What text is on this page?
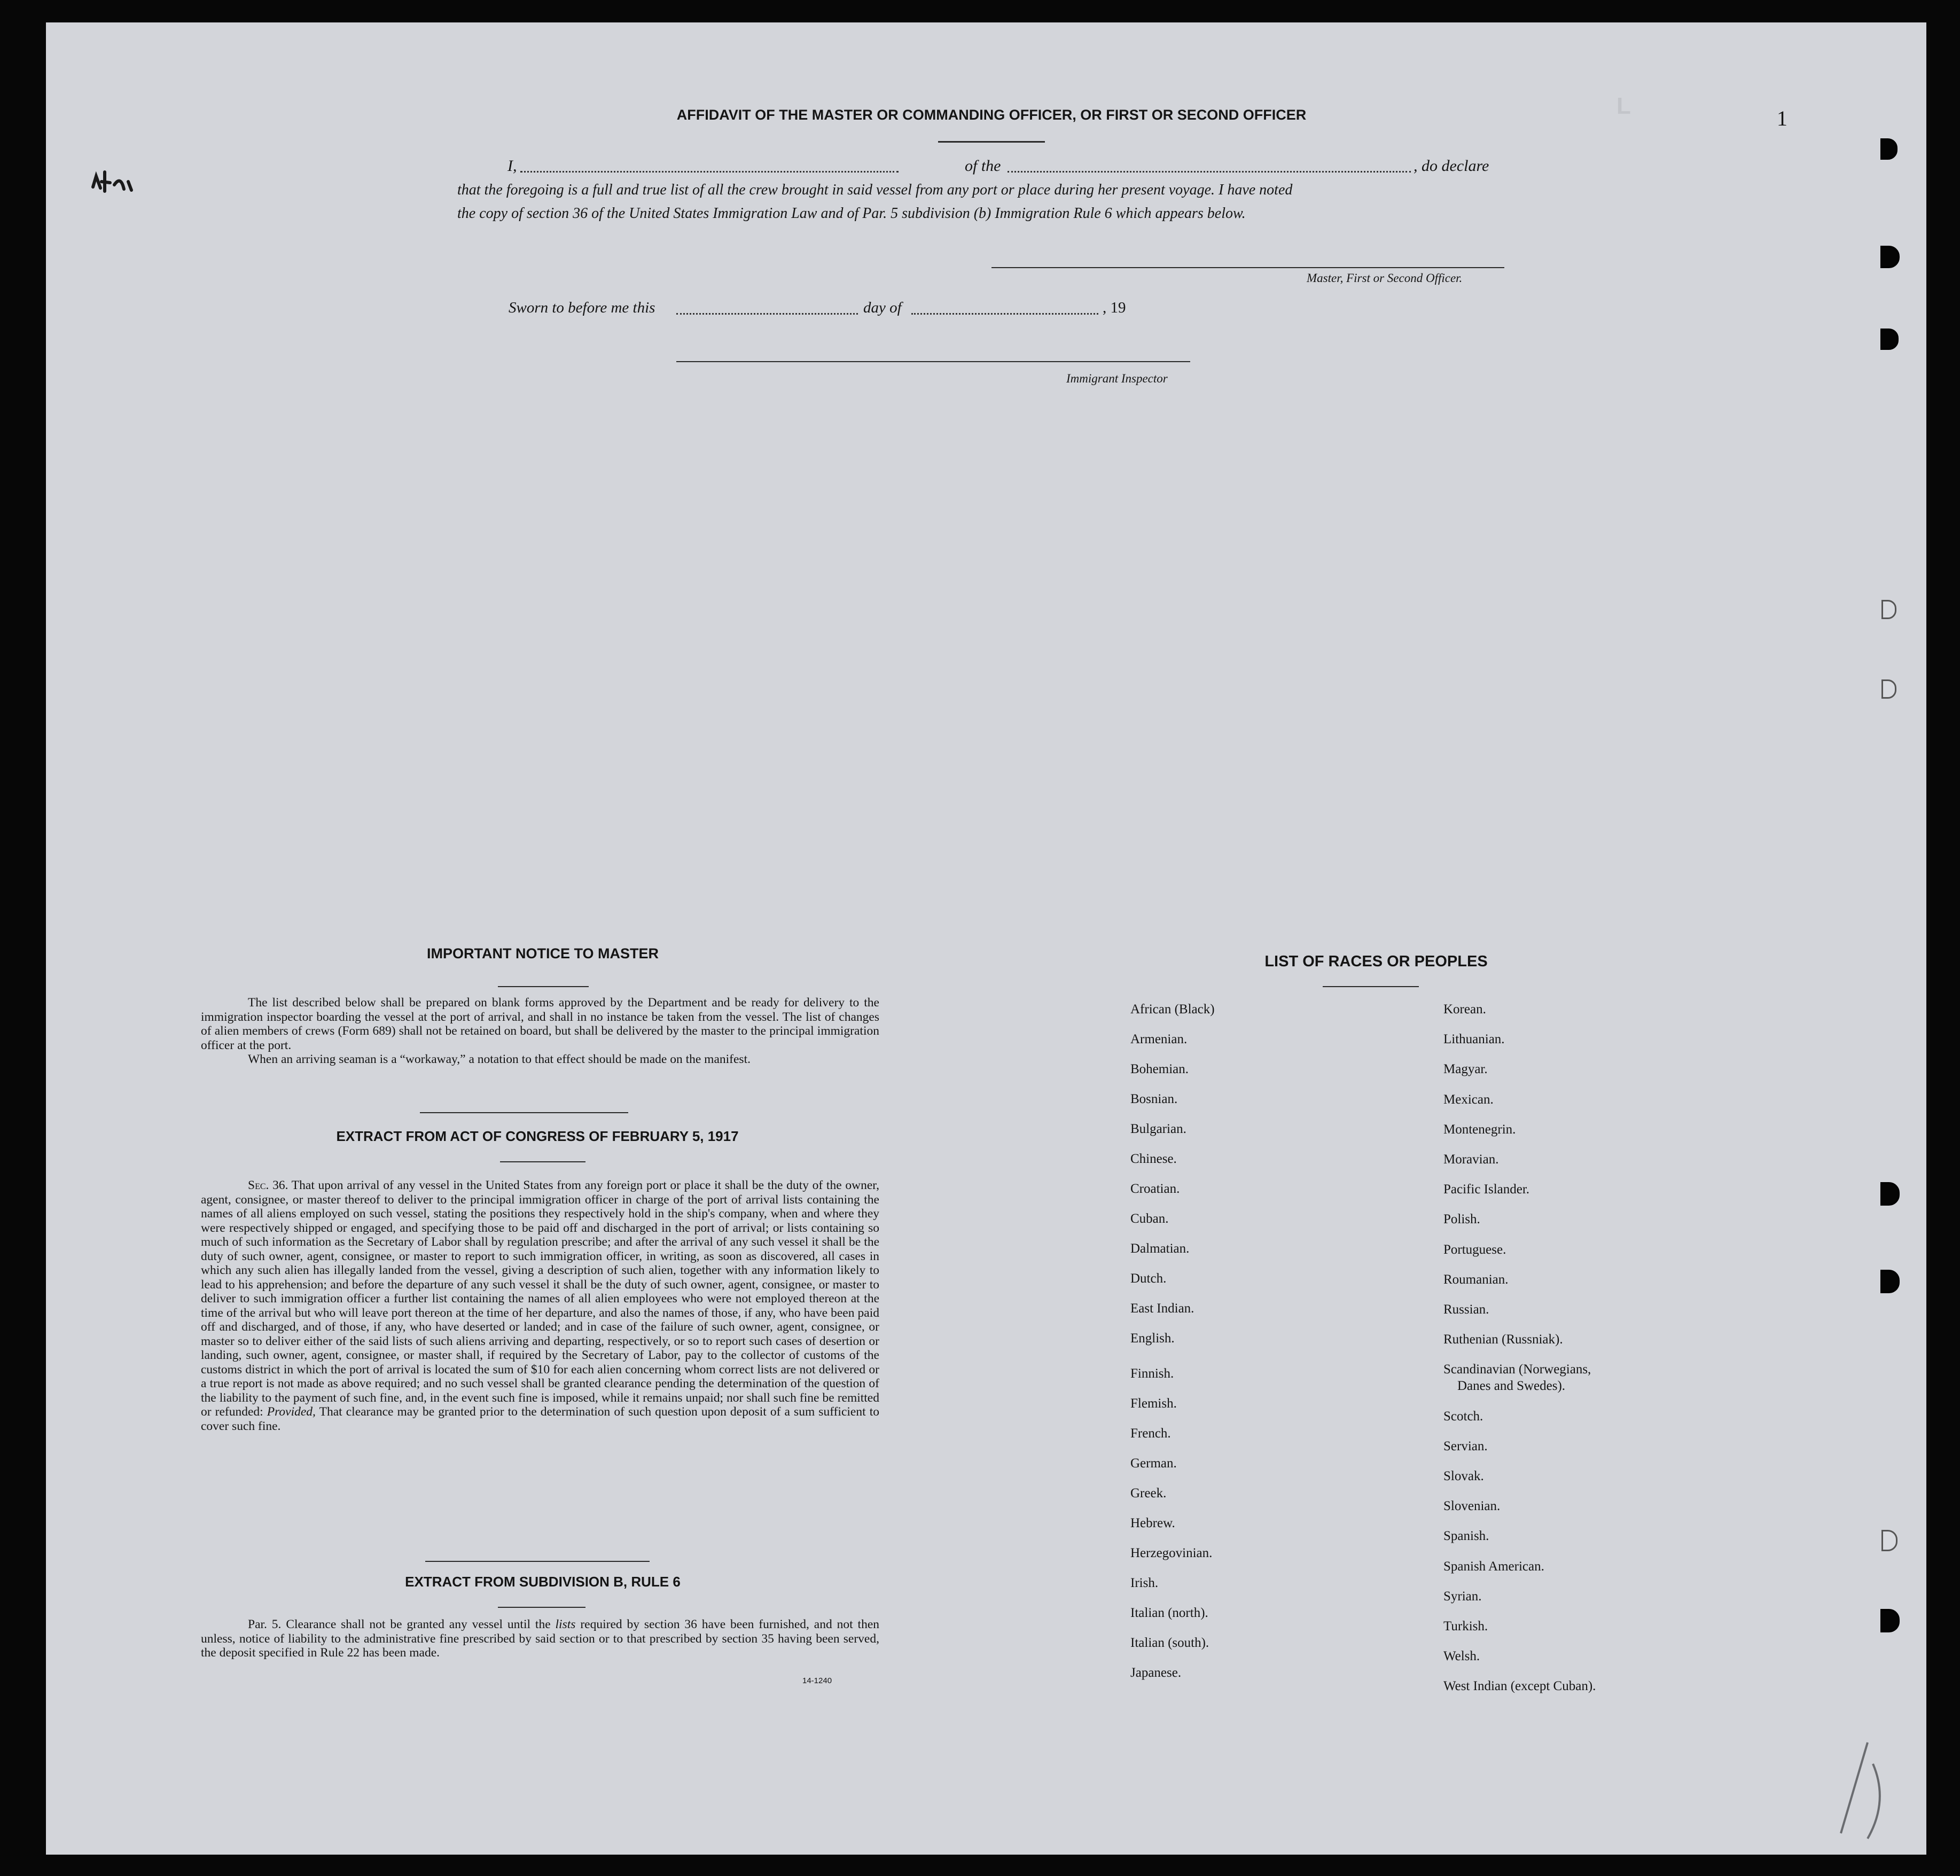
L	1
AFFIDAVIT OF THE MASTER OR COMMANDING OFFICER, OR FIRST OR SECOND OFFICER
I,	of the	, do declare
that the foregoing is a full and true list of all the crew brought in said vessel from any port or place during her present voyage. I have noted
the copy of section 36 of the United States Immigration Law and of Par. 5 subdivision (b) Immigration Rule 6 which appears below.
Master, First or Second Officer.
Sworn to before me this	day of	, 19
Immigrant Inspector
IMPORTANT NOTICE TO MASTER

The list described below shall be prepared on blank forms approved by the Department and be ready for delivery to the immigration inspector boarding the vessel at the port of arrival, and shall in no instance be taken from the vessel. The list of changes of alien members of crews (Form 689) shall not be retained on board, but shall be delivered by the master to the principal immigration officer at the port.

When an arriving seaman is a “workaway,” a notation to that effect should be made on the manifest.

EXTRACT FROM ACT OF CONGRESS OF FEBRUARY 5, 1917

Sec. 36. That upon arrival of any vessel in the United States from any foreign port or place it shall be the duty of the owner, agent, consignee, or master thereof to deliver to the principal immigration officer in charge of the port of arrival lists containing the names of all aliens employed on such vessel, stating the positions they respectively hold in the ship's company, when and where they were respectively shipped or engaged, and specifying those to be paid off and discharged in the port of arrival; or lists containing so much of such information as the Secretary of Labor shall by regulation prescribe; and after the arrival of any such vessel it shall be the duty of such owner, agent, consignee, or master to report to such immigration officer, in writing, as soon as discovered, all cases in which any such alien has illegally landed from the vessel, giving a description of such alien, together with any information likely to lead to his apprehension; and before the departure of any such vessel it shall be the duty of such owner, agent, consignee, or master to deliver to such immigration officer a further list containing the names of all alien employees who were not employed thereon at the time of the arrival but who will leave port thereon at the time of her departure, and also the names of those, if any, who have been paid off and discharged, and of those, if any, who have deserted or landed; and in case of the failure of such owner, agent, consignee, or master so to deliver either of the said lists of such aliens arriving and departing, respectively, or so to report such cases of desertion or landing, such owner, agent, consignee, or master shall, if required by the Secretary of Labor, pay to the collector of customs of the customs district in which the port of arrival is located the sum of $10 for each alien concerning whom correct lists are not delivered or a true report is not made as above required; and no such vessel shall be granted clearance pending the determination of the question of the liability to the payment of such fine, and, in the event such fine is imposed, while it remains unpaid; nor shall such fine be remitted or refunded: Provided, That clearance may be granted prior to the determination of such question upon deposit of a sum sufficient to cover such fine.

EXTRACT FROM SUBDIVISION B, RULE 6

Par. 5. Clearance shall not be granted any vessel until the lists required by section 36 have been furnished, and not then unless, notice of liability to the administrative fine prescribed by said section or to that prescribed by section 35 having been served, the deposit specified in Rule 22 has been made.

14-1240
LIST OF RACES OR PEOPLES
African (Black)
Armenian.
Bohemian.
Bosnian.
Bulgarian.
Chinese.
Croatian.
Cuban.
Dalmatian.
Dutch.
East Indian.
English.
Finnish.
Flemish.
French.
German.
Greek.
Hebrew.
Herzegovinian.
Irish.
Italian (north).
Italian (south).
Japanese.
Korean.
Lithuanian.
Magyar.
Mexican.
Montenegrin.
Moravian.
Pacific Islander.
Polish.
Portuguese.
Roumanian.
Russian.
Ruthenian (Russniak).
Scandinavian (Norwegians,
Danes and Swedes).
Scotch.
Servian.
Slovak.
Slovenian.
Spanish.
Spanish American.
Syrian.
Turkish.
Welsh.
West Indian (except Cuban).
